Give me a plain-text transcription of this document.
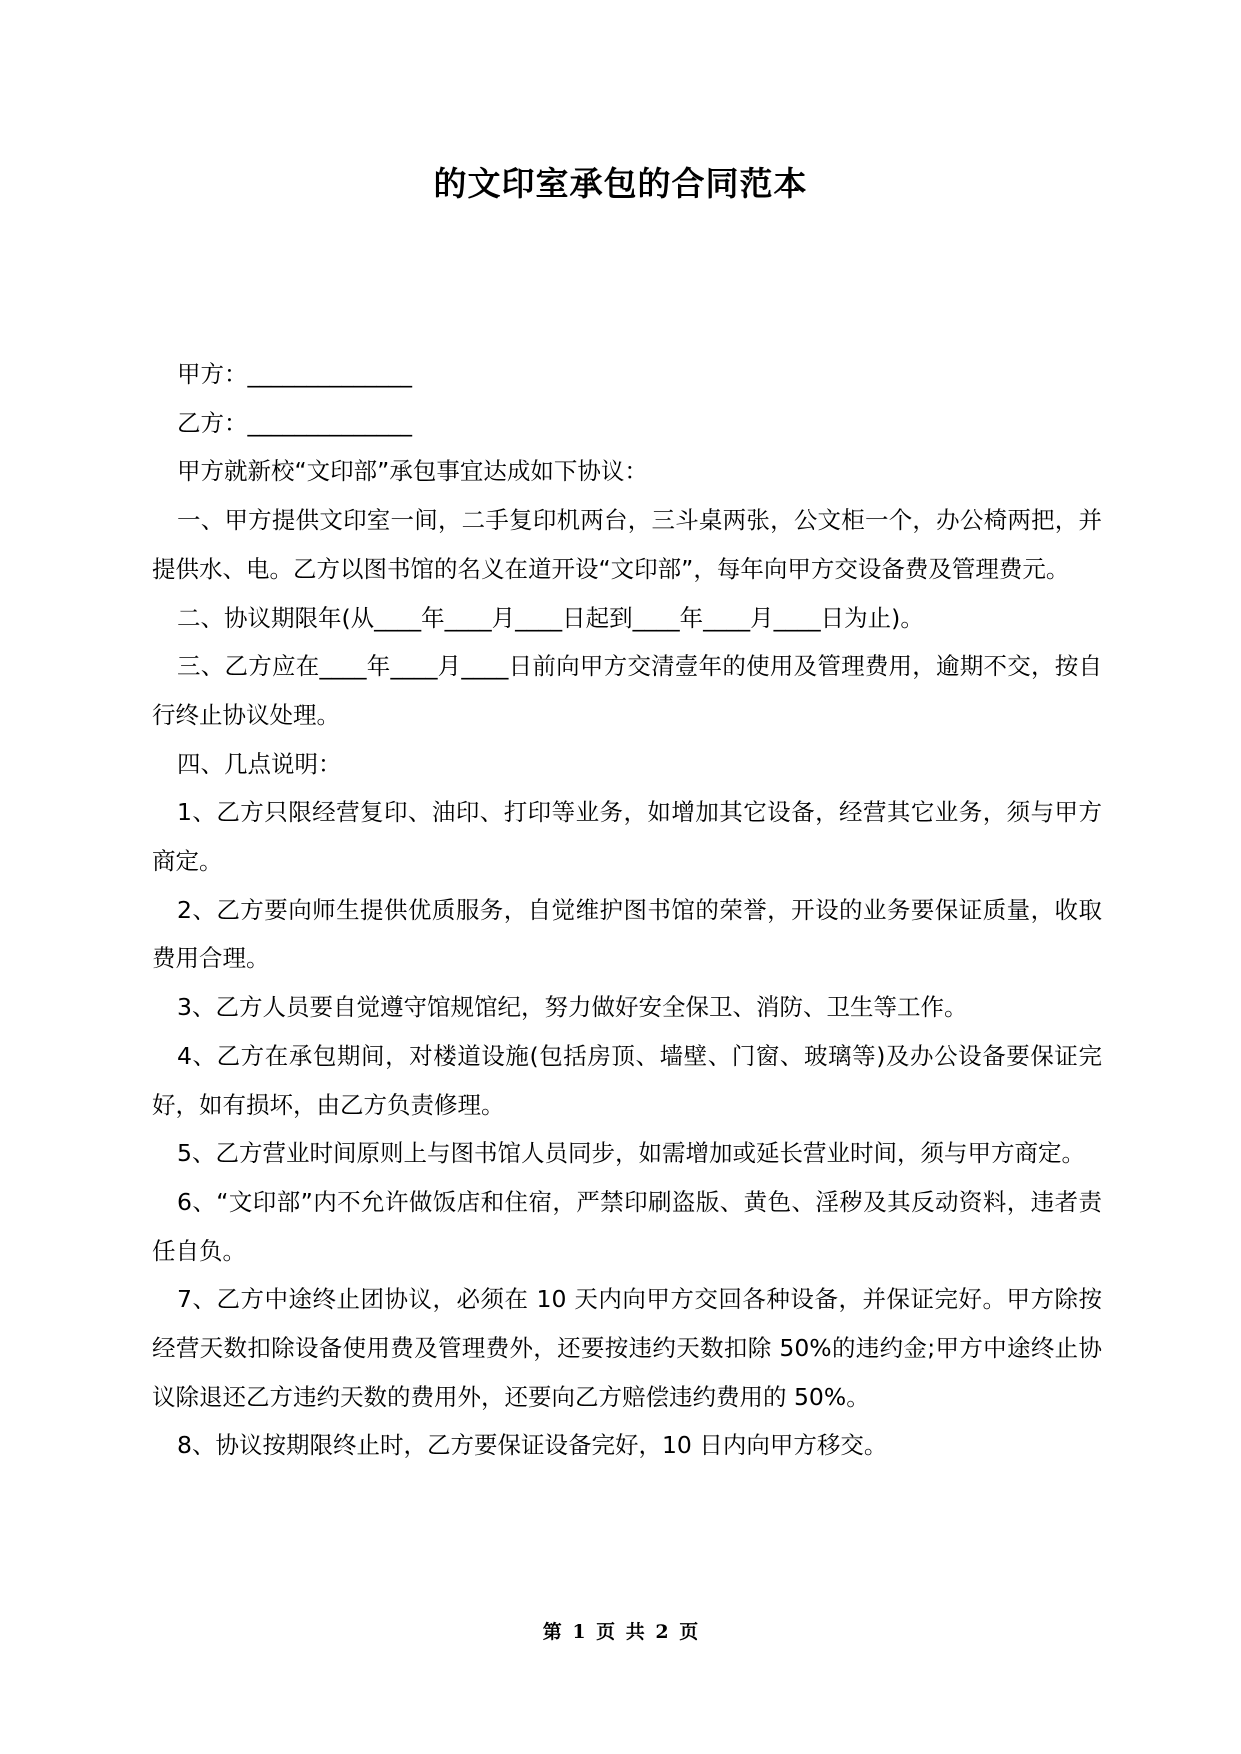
的文印室承包的合同范本

甲方：______________

乙方：______________

甲方就新校“文印部”承包事宜达成如下协议：

一、甲方提供文印室一间，二手复印机两台，三斗桌两张，公文柜一个，办公椅两把，并提供水、电。乙方以图书馆的名义在道开设“文印部”，每年向甲方交设备费及管理费元。

二、协议期限年(从____年____月____日起到____年____月____日为止)。

三、乙方应在____年____月____日前向甲方交清壹年的使用及管理费用，逾期不交，按自行终止协议处理。

四、几点说明：

1、乙方只限经营复印、油印、打印等业务，如增加其它设备，经营其它业务，须与甲方商定。

2、乙方要向师生提供优质服务，自觉维护图书馆的荣誉，开设的业务要保证质量，收取费用合理。

3、乙方人员要自觉遵守馆规馆纪，努力做好安全保卫、消防、卫生等工作。

4、乙方在承包期间，对楼道设施(包括房顶、墙壁、门窗、玻璃等)及办公设备要保证完好，如有损坏，由乙方负责修理。

5、乙方营业时间原则上与图书馆人员同步，如需增加或延长营业时间，须与甲方商定。

6、“文印部”内不允许做饭店和住宿，严禁印刷盗版、黄色、淫秽及其反动资料，违者责任自负。

7、乙方中途终止团协议，必须在 10 天内向甲方交回各种设备，并保证完好。甲方除按经营天数扣除设备使用费及管理费外，还要按违约天数扣除 50%的违约金;甲方中途终止协议除退还乙方违约天数的费用外，还要向乙方赔偿违约费用的 50%。

8、协议按期限终止时，乙方要保证设备完好，10 日内向甲方移交。

第 1 页 共 2 页
